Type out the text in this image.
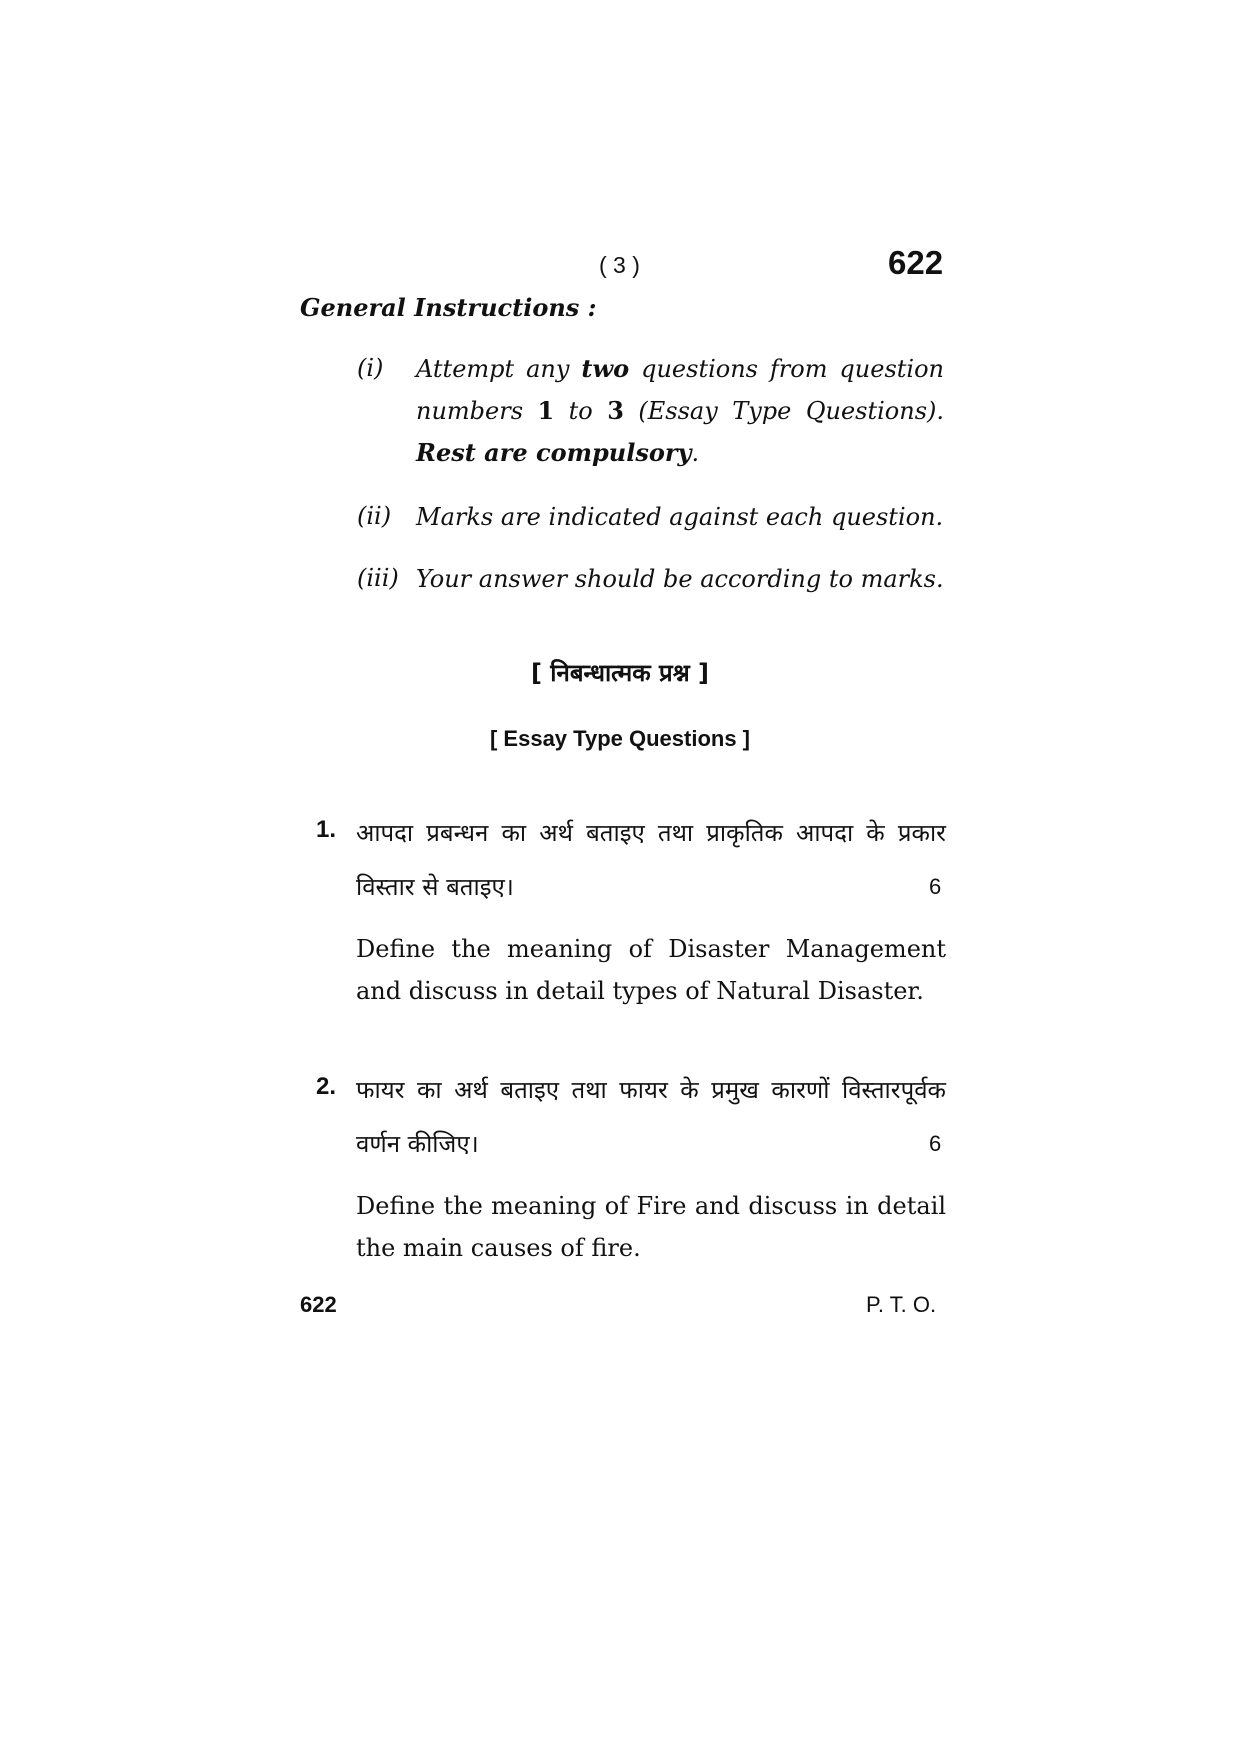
( 3 )	622
General Instructions :
(i) Attempt any two questions from question numbers 1 to 3 (Essay Type Questions). Rest are compulsory.
(ii) Marks are indicated against each question.
(iii) Your answer should be according to marks.
[ निबन्धात्मक प्रश्न ]
[ Essay Type Questions ]
1. आपदा प्रबन्धन का अर्थ बताइए तथा प्राकृतिक आपदा के प्रकार
विस्तार से बताइए।	6
Define the meaning of Disaster Management and discuss in detail types of Natural Disaster.
2. फायर का अर्थ बताइए तथा फायर के प्रमुख कारणों विस्तारपूर्वक
वर्णन कीजिए।	6
Define the meaning of Fire and discuss in detail the main causes of fire.
622	P. T. O.
